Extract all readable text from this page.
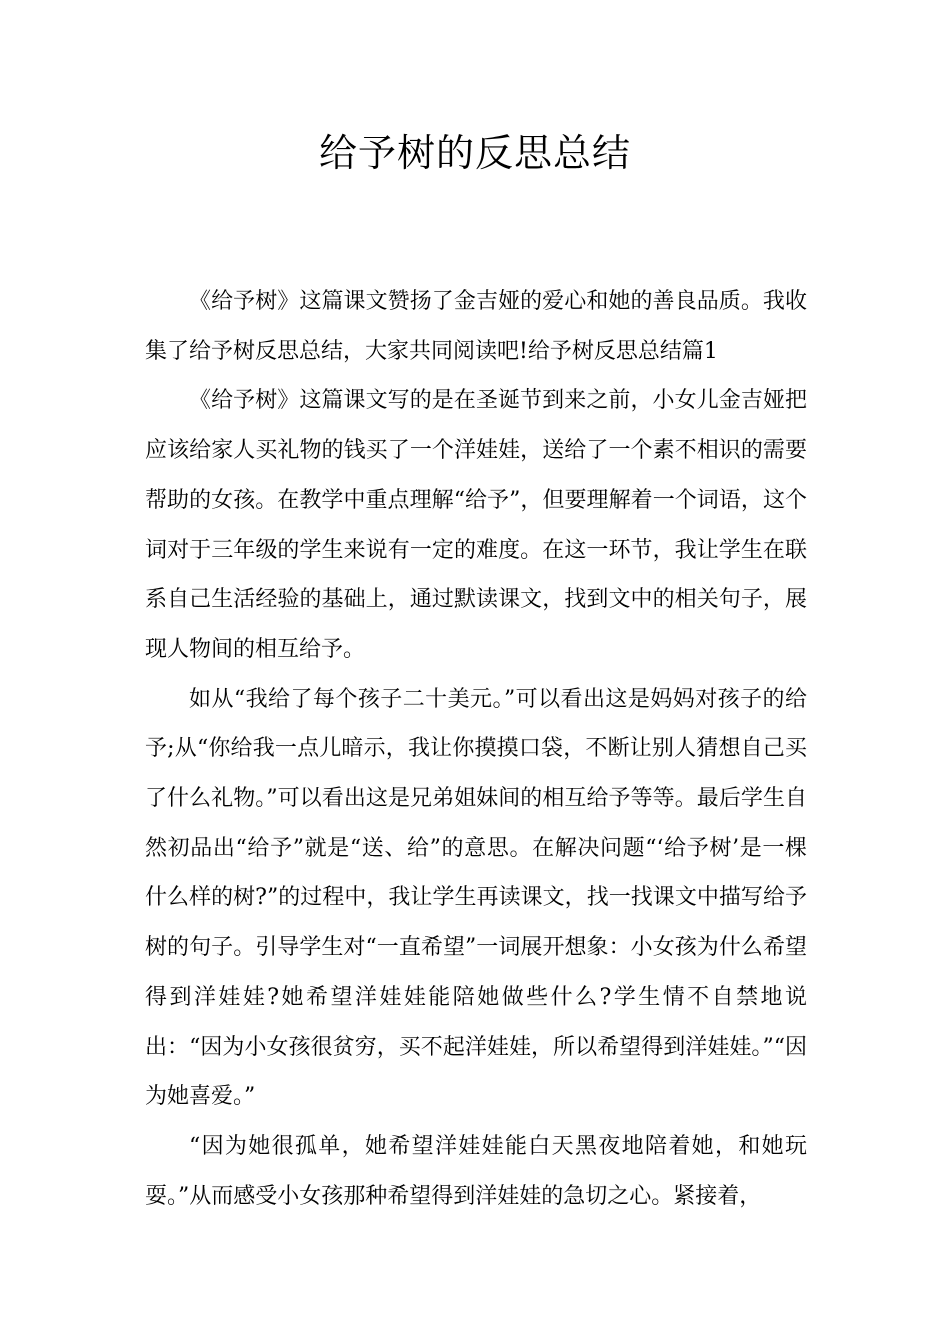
给予树的反思总结

《给予树》这篇课文赞扬了金吉娅的爱心和她的善良品质。我收集了给予树反思总结，大家共同阅读吧!给予树反思总结篇1

《给予树》这篇课文写的是在圣诞节到来之前，小女儿金吉娅把应该给家人买礼物的钱买了一个洋娃娃，送给了一个素不相识的需要帮助的女孩。在教学中重点理解“给予”，但要理解着一个词语，这个词对于三年级的学生来说有一定的难度。在这一环节，我让学生在联系自己生活经验的基础上，通过默读课文，找到文中的相关句子，展现人物间的相互给予。

如从“我给了每个孩子二十美元。”可以看出这是妈妈对孩子的给予;从“你给我一点儿暗示，我让你摸摸口袋，不断让别人猜想自己买了什么礼物。”可以看出这是兄弟姐妹间的相互给予等等。最后学生自然初品出“给予”就是“送、给”的意思。在解决问题“‘给予树’是一棵什么样的树?”的过程中，我让学生再读课文，找一找课文中描写给予树的句子。引导学生对“一直希望”一词展开想象：小女孩为什么希望得到洋娃娃?她希望洋娃娃能陪她做些什么?学生情不自禁地说出：“因为小女孩很贫穷，买不起洋娃娃，所以希望得到洋娃娃。”“因为她喜爱。”

“因为她很孤单，她希望洋娃娃能白天黑夜地陪着她，和她玩耍。”从而感受小女孩那种希望得到洋娃娃的急切之心。紧接着，
